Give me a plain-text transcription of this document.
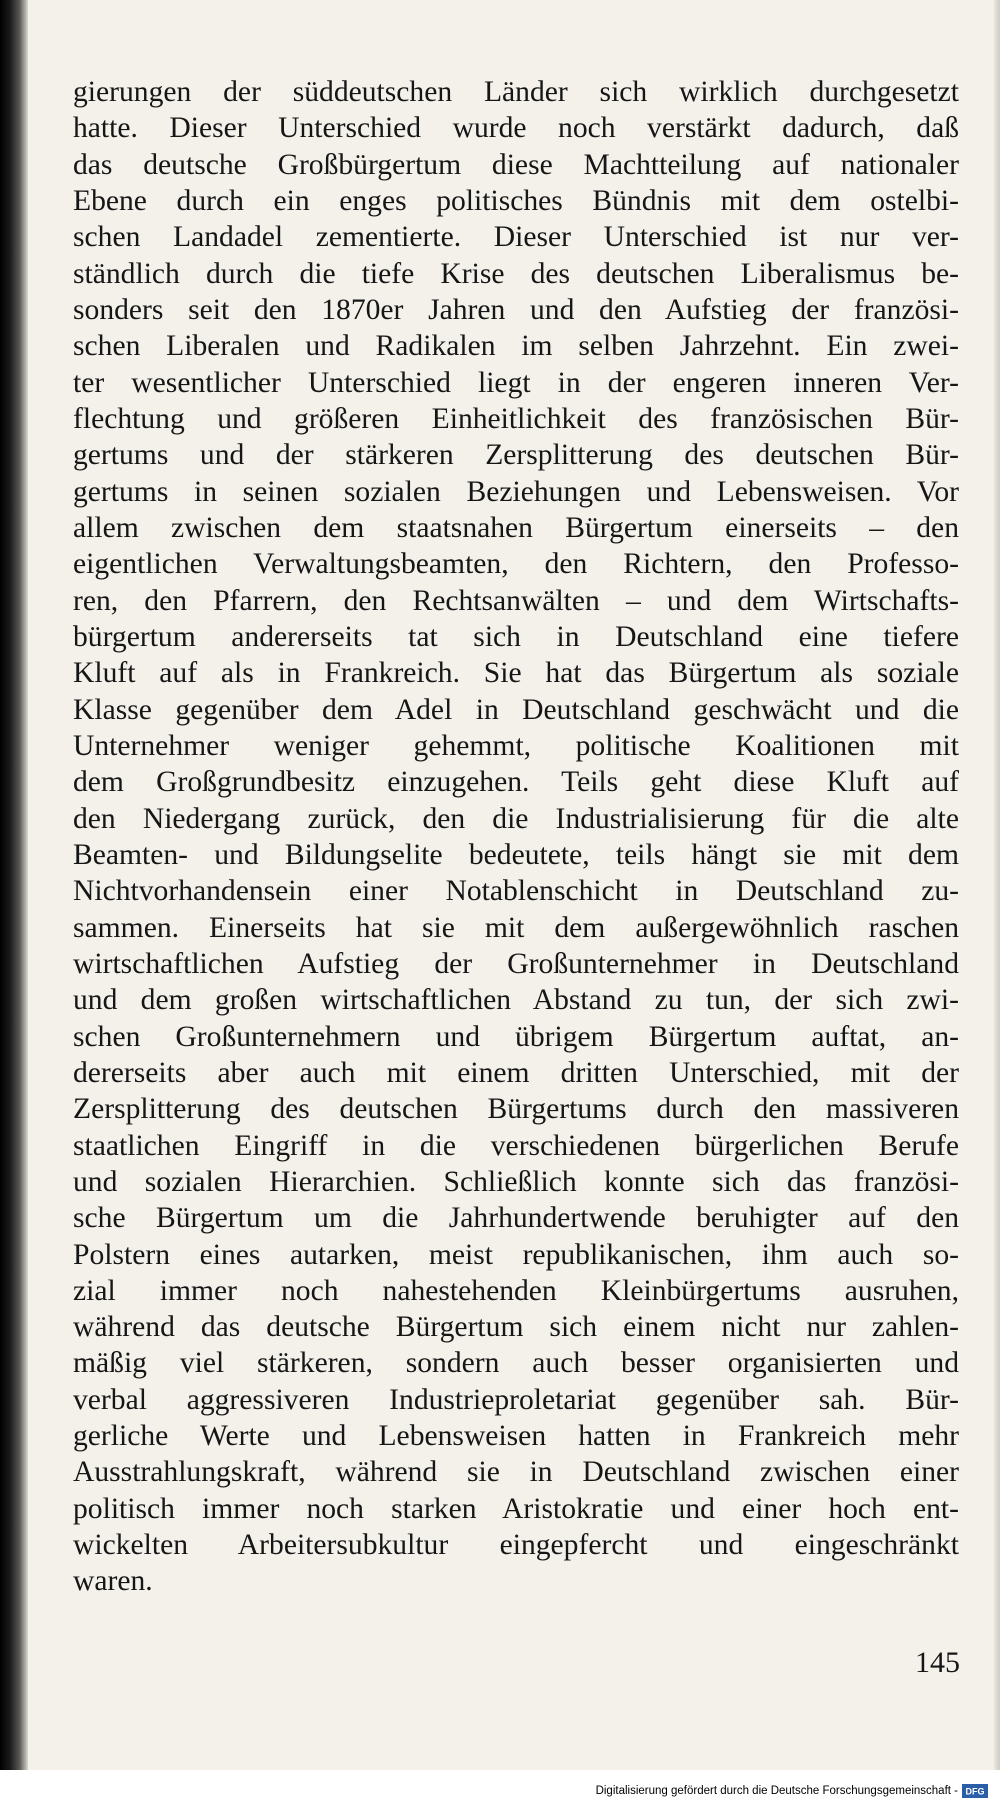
gierungen der süddeutschen Länder sich wirklich durchgesetzt
hatte. Dieser Unterschied wurde noch verstärkt dadurch, daß
das deutsche Großbürgertum diese Machtteilung auf nationaler
Ebene durch ein enges politisches Bündnis mit dem ostelbi-
schen Landadel zementierte. Dieser Unterschied ist nur ver-
ständlich durch die tiefe Krise des deutschen Liberalismus be-
sonders seit den 1870er Jahren und den Aufstieg der französi-
schen Liberalen und Radikalen im selben Jahrzehnt. Ein zwei-
ter wesentlicher Unterschied liegt in der engeren inneren Ver-
flechtung und größeren Einheitlichkeit des französischen Bür-
gertums und der stärkeren Zersplitterung des deutschen Bür-
gertums in seinen sozialen Beziehungen und Lebensweisen. Vor
allem zwischen dem staatsnahen Bürgertum einerseits – den
eigentlichen Verwaltungsbeamten, den Richtern, den Professo-
ren, den Pfarrern, den Rechtsanwälten – und dem Wirtschafts-
bürgertum andererseits tat sich in Deutschland eine tiefere
Kluft auf als in Frankreich. Sie hat das Bürgertum als soziale
Klasse gegenüber dem Adel in Deutschland geschwächt und die
Unternehmer weniger gehemmt, politische Koalitionen mit
dem Großgrundbesitz einzugehen. Teils geht diese Kluft auf
den Niedergang zurück, den die Industrialisierung für die alte
Beamten- und Bildungselite bedeutete, teils hängt sie mit dem
Nichtvorhandensein einer Notablenschicht in Deutschland zu-
sammen. Einerseits hat sie mit dem außergewöhnlich raschen
wirtschaftlichen Aufstieg der Großunternehmer in Deutschland
und dem großen wirtschaftlichen Abstand zu tun, der sich zwi-
schen Großunternehmern und übrigem Bürgertum auftat, an-
dererseits aber auch mit einem dritten Unterschied, mit der
Zersplitterung des deutschen Bürgertums durch den massiveren
staatlichen Eingriff in die verschiedenen bürgerlichen Berufe
und sozialen Hierarchien. Schließlich konnte sich das französi-
sche Bürgertum um die Jahrhundertwende beruhigter auf den
Polstern eines autarken, meist republikanischen, ihm auch so-
zial immer noch nahestehenden Kleinbürgertums ausruhen,
während das deutsche Bürgertum sich einem nicht nur zahlen-
mäßig viel stärkeren, sondern auch besser organisierten und
verbal aggressiveren Industrieproletariat gegenüber sah. Bür-
gerliche Werte und Lebensweisen hatten in Frankreich mehr
Ausstrahlungskraft, während sie in Deutschland zwischen einer
politisch immer noch starken Aristokratie und einer hoch ent-
wickelten Arbeitersubkultur eingepfercht und eingeschränkt
waren.
145
Digitalisierung gefördert durch die Deutsche Forschungsgemeinschaft - DFG
